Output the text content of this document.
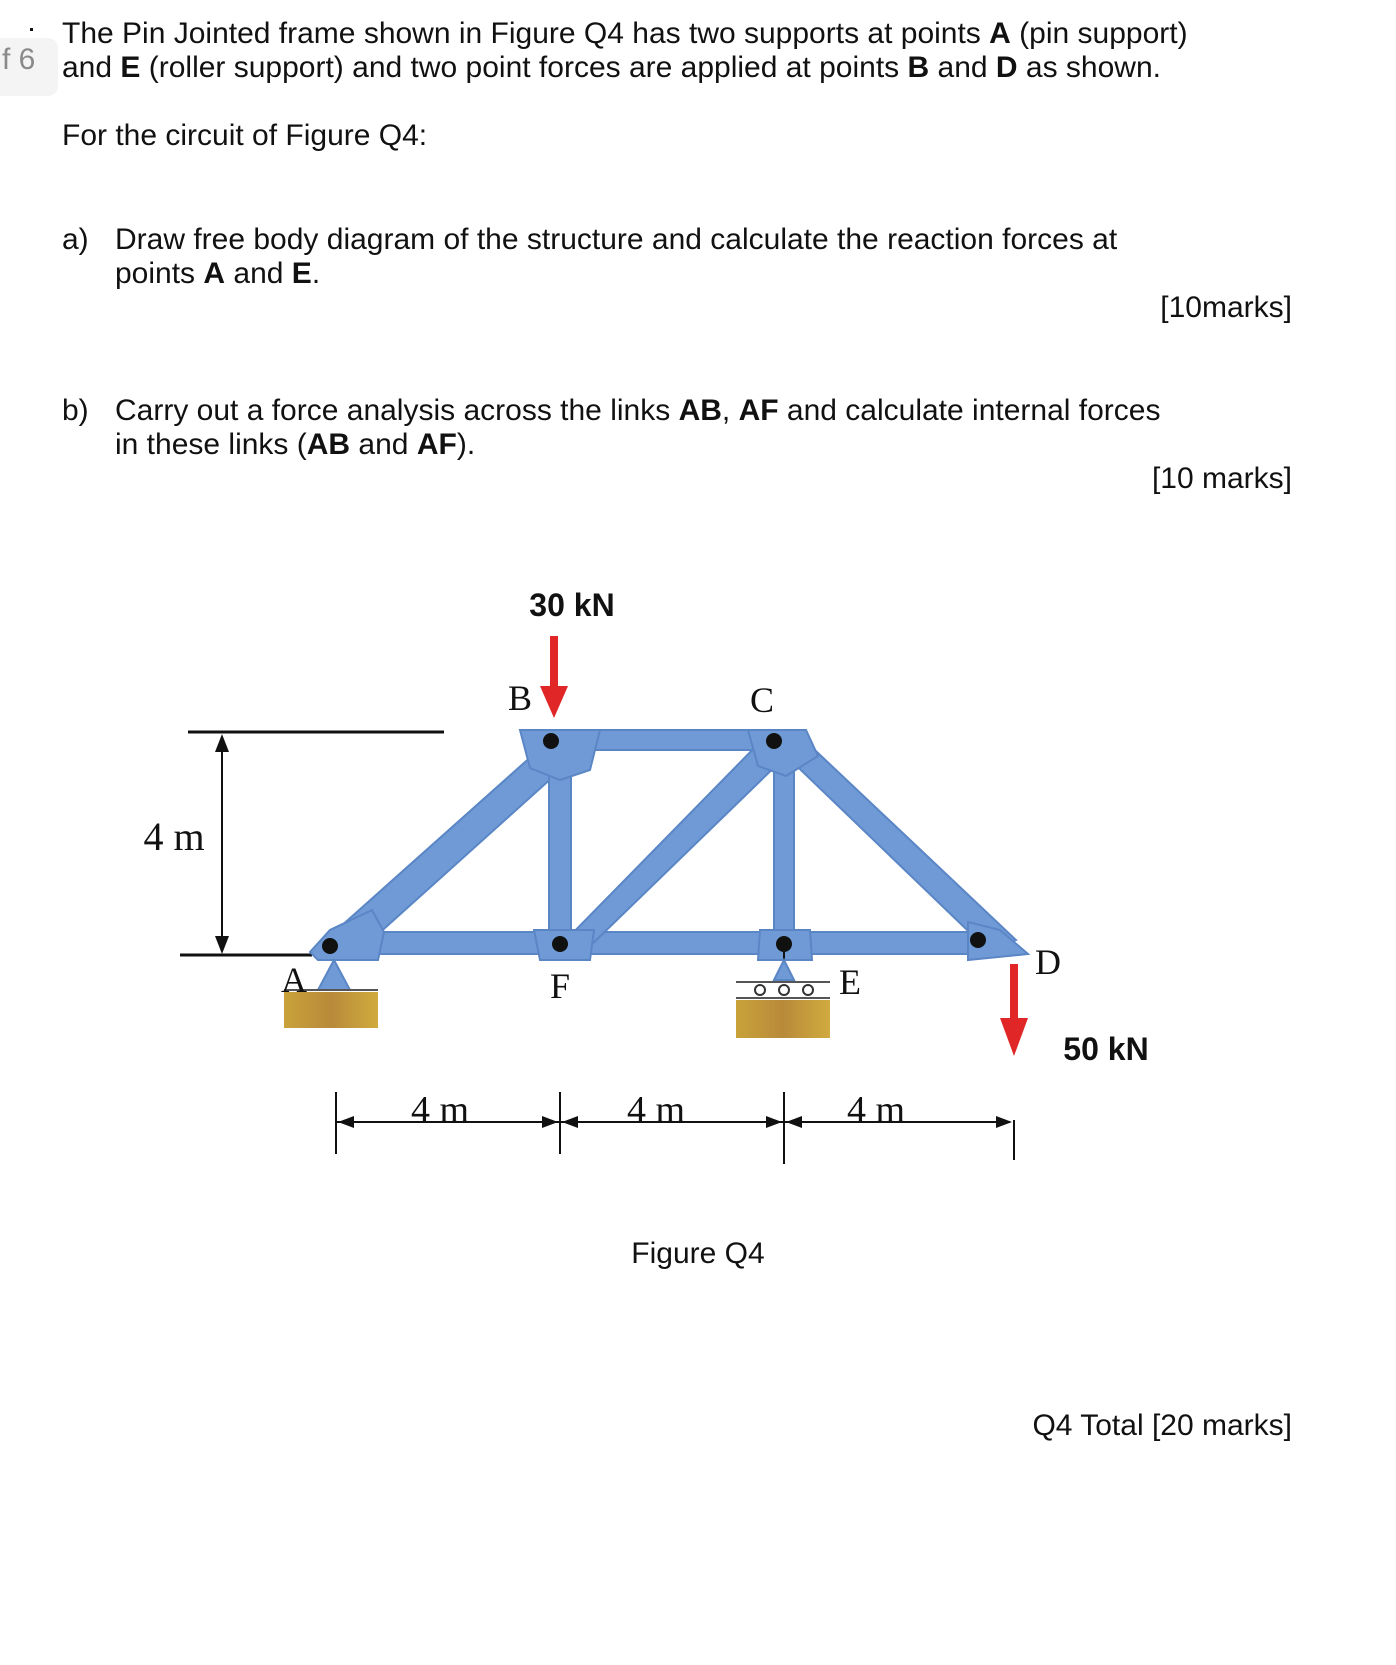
f 6
The Pin Jointed frame shown in Figure Q4 has two supports at points A (pin support)
and E (roller support) and two point forces are applied at points B and D as shown.
For the circuit of Figure Q4:
a) Draw free body diagram of the structure and calculate the reaction forces at
points A and E.
[10marks]
b) Carry out a force analysis across the links AB, AF and calculate internal forces
in these links (AB and AF).
[10 marks]
4 m
30 kN
50 kN
A
B	C
D
E
F
4 m	4 m	4 m
Figure Q4
Q4 Total [20 marks]
